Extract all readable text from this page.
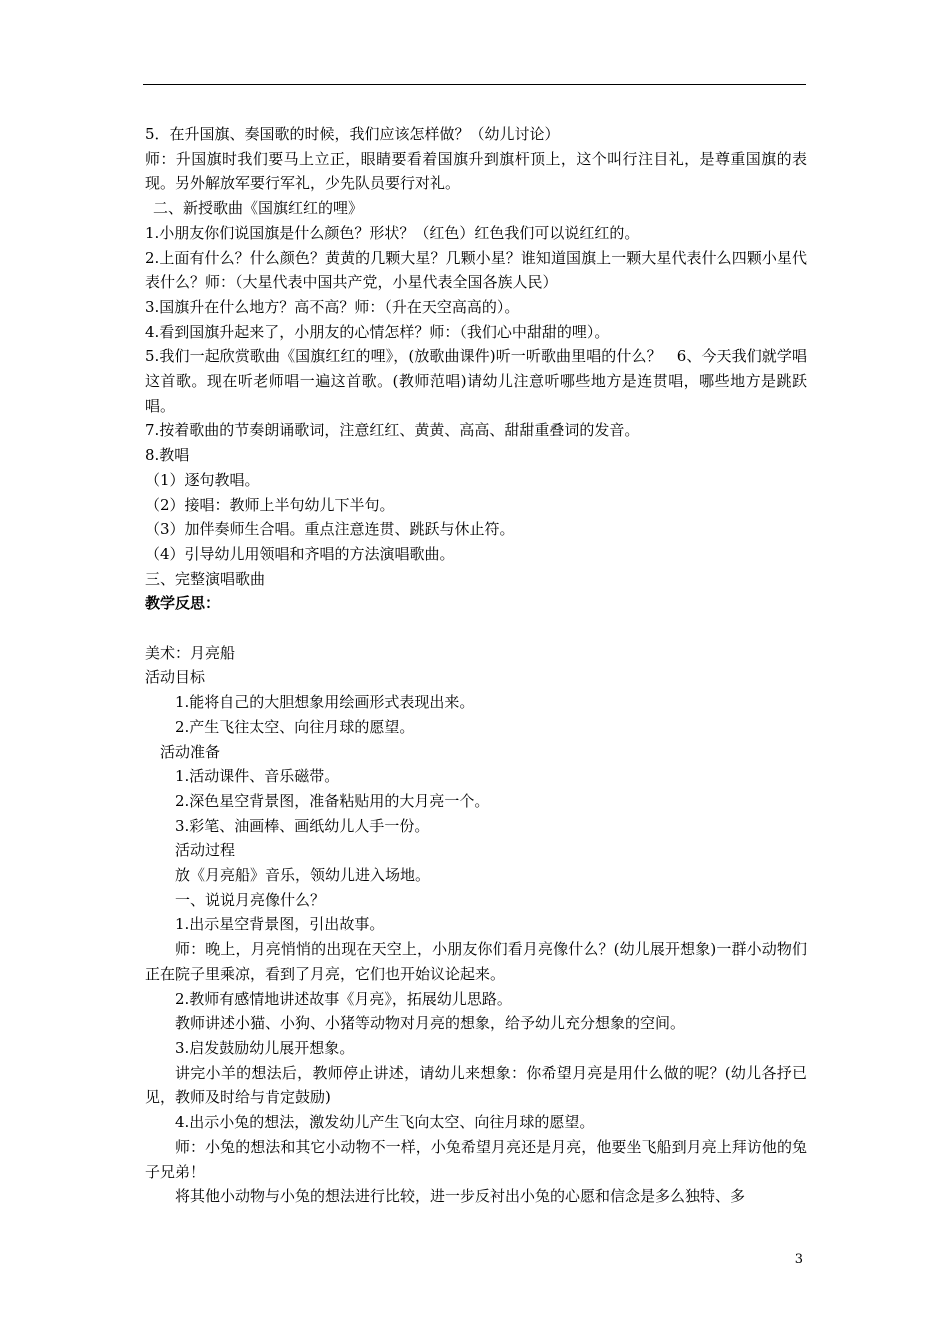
5．在升国旗、奏国歌的时候，我们应该怎样做？（幼儿讨论）

师：升国旗时我们要马上立正，眼睛要看着国旗升到旗杆顶上，这个叫行注目礼，是尊重国旗的表现。另外解放军要行军礼，少先队员要行对礼。

二、新授歌曲《国旗红红的哩》

1.小朋友你们说国旗是什么颜色？形状？（红色）红色我们可以说红红的。

2.上面有什么？什么颜色？黄黄的几颗大星？几颗小星？谁知道国旗上一颗大星代表什么四颗小星代表什么？师：（大星代表中国共产党，小星代表全国各族人民）

3.国旗升在什么地方？高不高？师：（升在天空高高的）。

4.看到国旗升起来了，小朋友的心情怎样？师：（我们心中甜甜的哩）。

5.我们一起欣赏歌曲《国旗红红的哩》，(放歌曲课件)听一听歌曲里唱的什么？　6、今天我们就学唱这首歌。现在听老师唱一遍这首歌。(教师范唱)请幼儿注意听哪些地方是连贯唱，哪些地方是跳跃唱。

7.按着歌曲的节奏朗诵歌词，注意红红、黄黄、高高、甜甜重叠词的发音。

8.教唱

（1）逐句教唱。

（2）接唱：教师上半句幼儿下半句。

（3）加伴奏师生合唱。重点注意连贯、跳跃与休止符。

（4）引导幼儿用领唱和齐唱的方法演唱歌曲。

三、完整演唱歌曲

教学反思：

美术：月亮船

活动目标

1.能将自己的大胆想象用绘画形式表现出来。

2.产生飞往太空、向往月球的愿望。

活动准备

1.活动课件、音乐磁带。

2.深色星空背景图，准备粘贴用的大月亮一个。

3.彩笔、油画棒、画纸幼儿人手一份。

活动过程

放《月亮船》音乐，领幼儿进入场地。

一、说说月亮像什么？

1.出示星空背景图，引出故事。

师：晚上，月亮悄悄的出现在天空上，小朋友你们看月亮像什么？(幼儿展开想象)一群小动物们正在院子里乘凉，看到了月亮，它们也开始议论起来。

2.教师有感情地讲述故事《月亮》，拓展幼儿思路。

教师讲述小猫、小狗、小猪等动物对月亮的想象，给予幼儿充分想象的空间。

3.启发鼓励幼儿展开想象。

讲完小羊的想法后，教师停止讲述，请幼儿来想象：你希望月亮是用什么做的呢？(幼儿各抒已见，教师及时给与肯定鼓励)

4.出示小兔的想法，激发幼儿产生飞向太空、向往月球的愿望。

师：小兔的想法和其它小动物不一样，小兔希望月亮还是月亮，他要坐飞船到月亮上拜访他的兔子兄弟！

将其他小动物与小兔的想法进行比较，进一步反衬出小兔的心愿和信念是多么独特、多

3
